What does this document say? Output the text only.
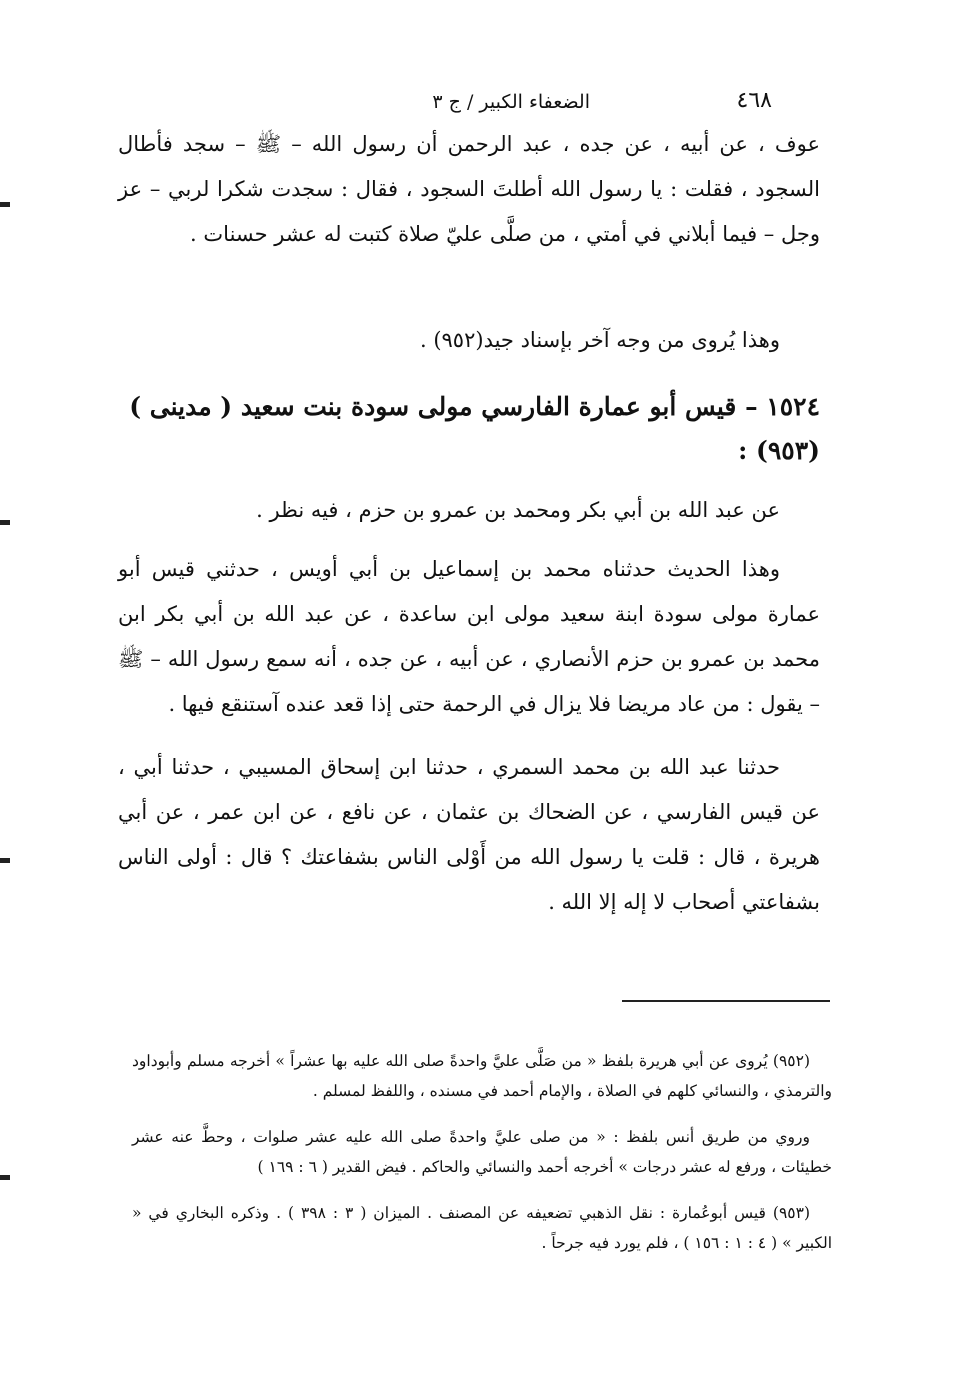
٤٦٨
الضعفاء الكبير / ج ٣

عوف ، عن أبيه ، عن جده ، عبد الرحمن أن رسول الله – ﷺ – سجد فأطال السجود ، فقلت : يا رسول الله أطلتَ السجود ، فقال : سجدت شكرا لربي – عز وجل – فيما أبلاني في أمتي ، من صلَّى عليّ صلاة كتبت له عشر حسنات .

وهذا يُروى من وجه آخر بإسناد جيد(٩٥٢) .

١٥٢٤ – قيس أبو عمارة الفارسي مولى سودة بنت سعيد ( مدينى )(٩٥٣) :

عن عبد الله بن أبي بكر ومحمد بن عمرو بن حزم ، فيه نظر .

وهذا الحديث حدثناه محمد بن إسماعيل بن أبي أويس ، حدثني قيس أبو عمارة مولى سودة ابنة سعيد مولى ابن ساعدة ، عن عبد الله بن أبي بكر ابن محمد بن عمرو بن حزم الأنصاري ، عن أبيه ، عن جده ، أنه سمع رسول الله – ﷺ – يقول : من عاد مريضا فلا يزال في الرحمة حتى إذا قعد عنده آستنقع فيها .

حدثنا عبد الله بن محمد السمري ، حدثنا ابن إسحاق المسيبي ، حدثنا أبي ، عن قيس الفارسي ، عن الضحاك بن عثمان ، عن نافع ، عن ابن عمر ، عن أبي هريرة ، قال : قلت يا رسول الله من أَوْلى الناس بشفاعتك ؟ قال : أولى الناس بشفاعتي أصحاب لا إله إلا الله .

(٩٥٢) يُروى عن أبي هريرة بلفظ « من صَلَّى عليَّ واحدةً صلى الله عليه بها عشراً » أخرجه مسلم وأبوداود والترمذي ، والنسائي كلهم في الصلاة ، والإمام أحمد في مسنده ، واللفظ لمسلم .

وروي من طريق أنس بلفظ : « من صلى عليَّ واحدةً صلى الله عليه عشر صلوات ، وحطَّ عنه عشر خطيئات ، ورفع له عشر درجات » أخرجه أحمد والنسائي والحاكم . فيض القدير ( ٦ : ١٦٩ )

(٩٥٣) قيس أبوعُمارة : نقل الذهبي تضعيفه عن المصنف . الميزان ( ٣ : ٣٩٨ ) . وذكره البخاري في « الكبير » ( ٤ : ١ : ١٥٦ ) ، فلم يورد فيه جرحاً .
